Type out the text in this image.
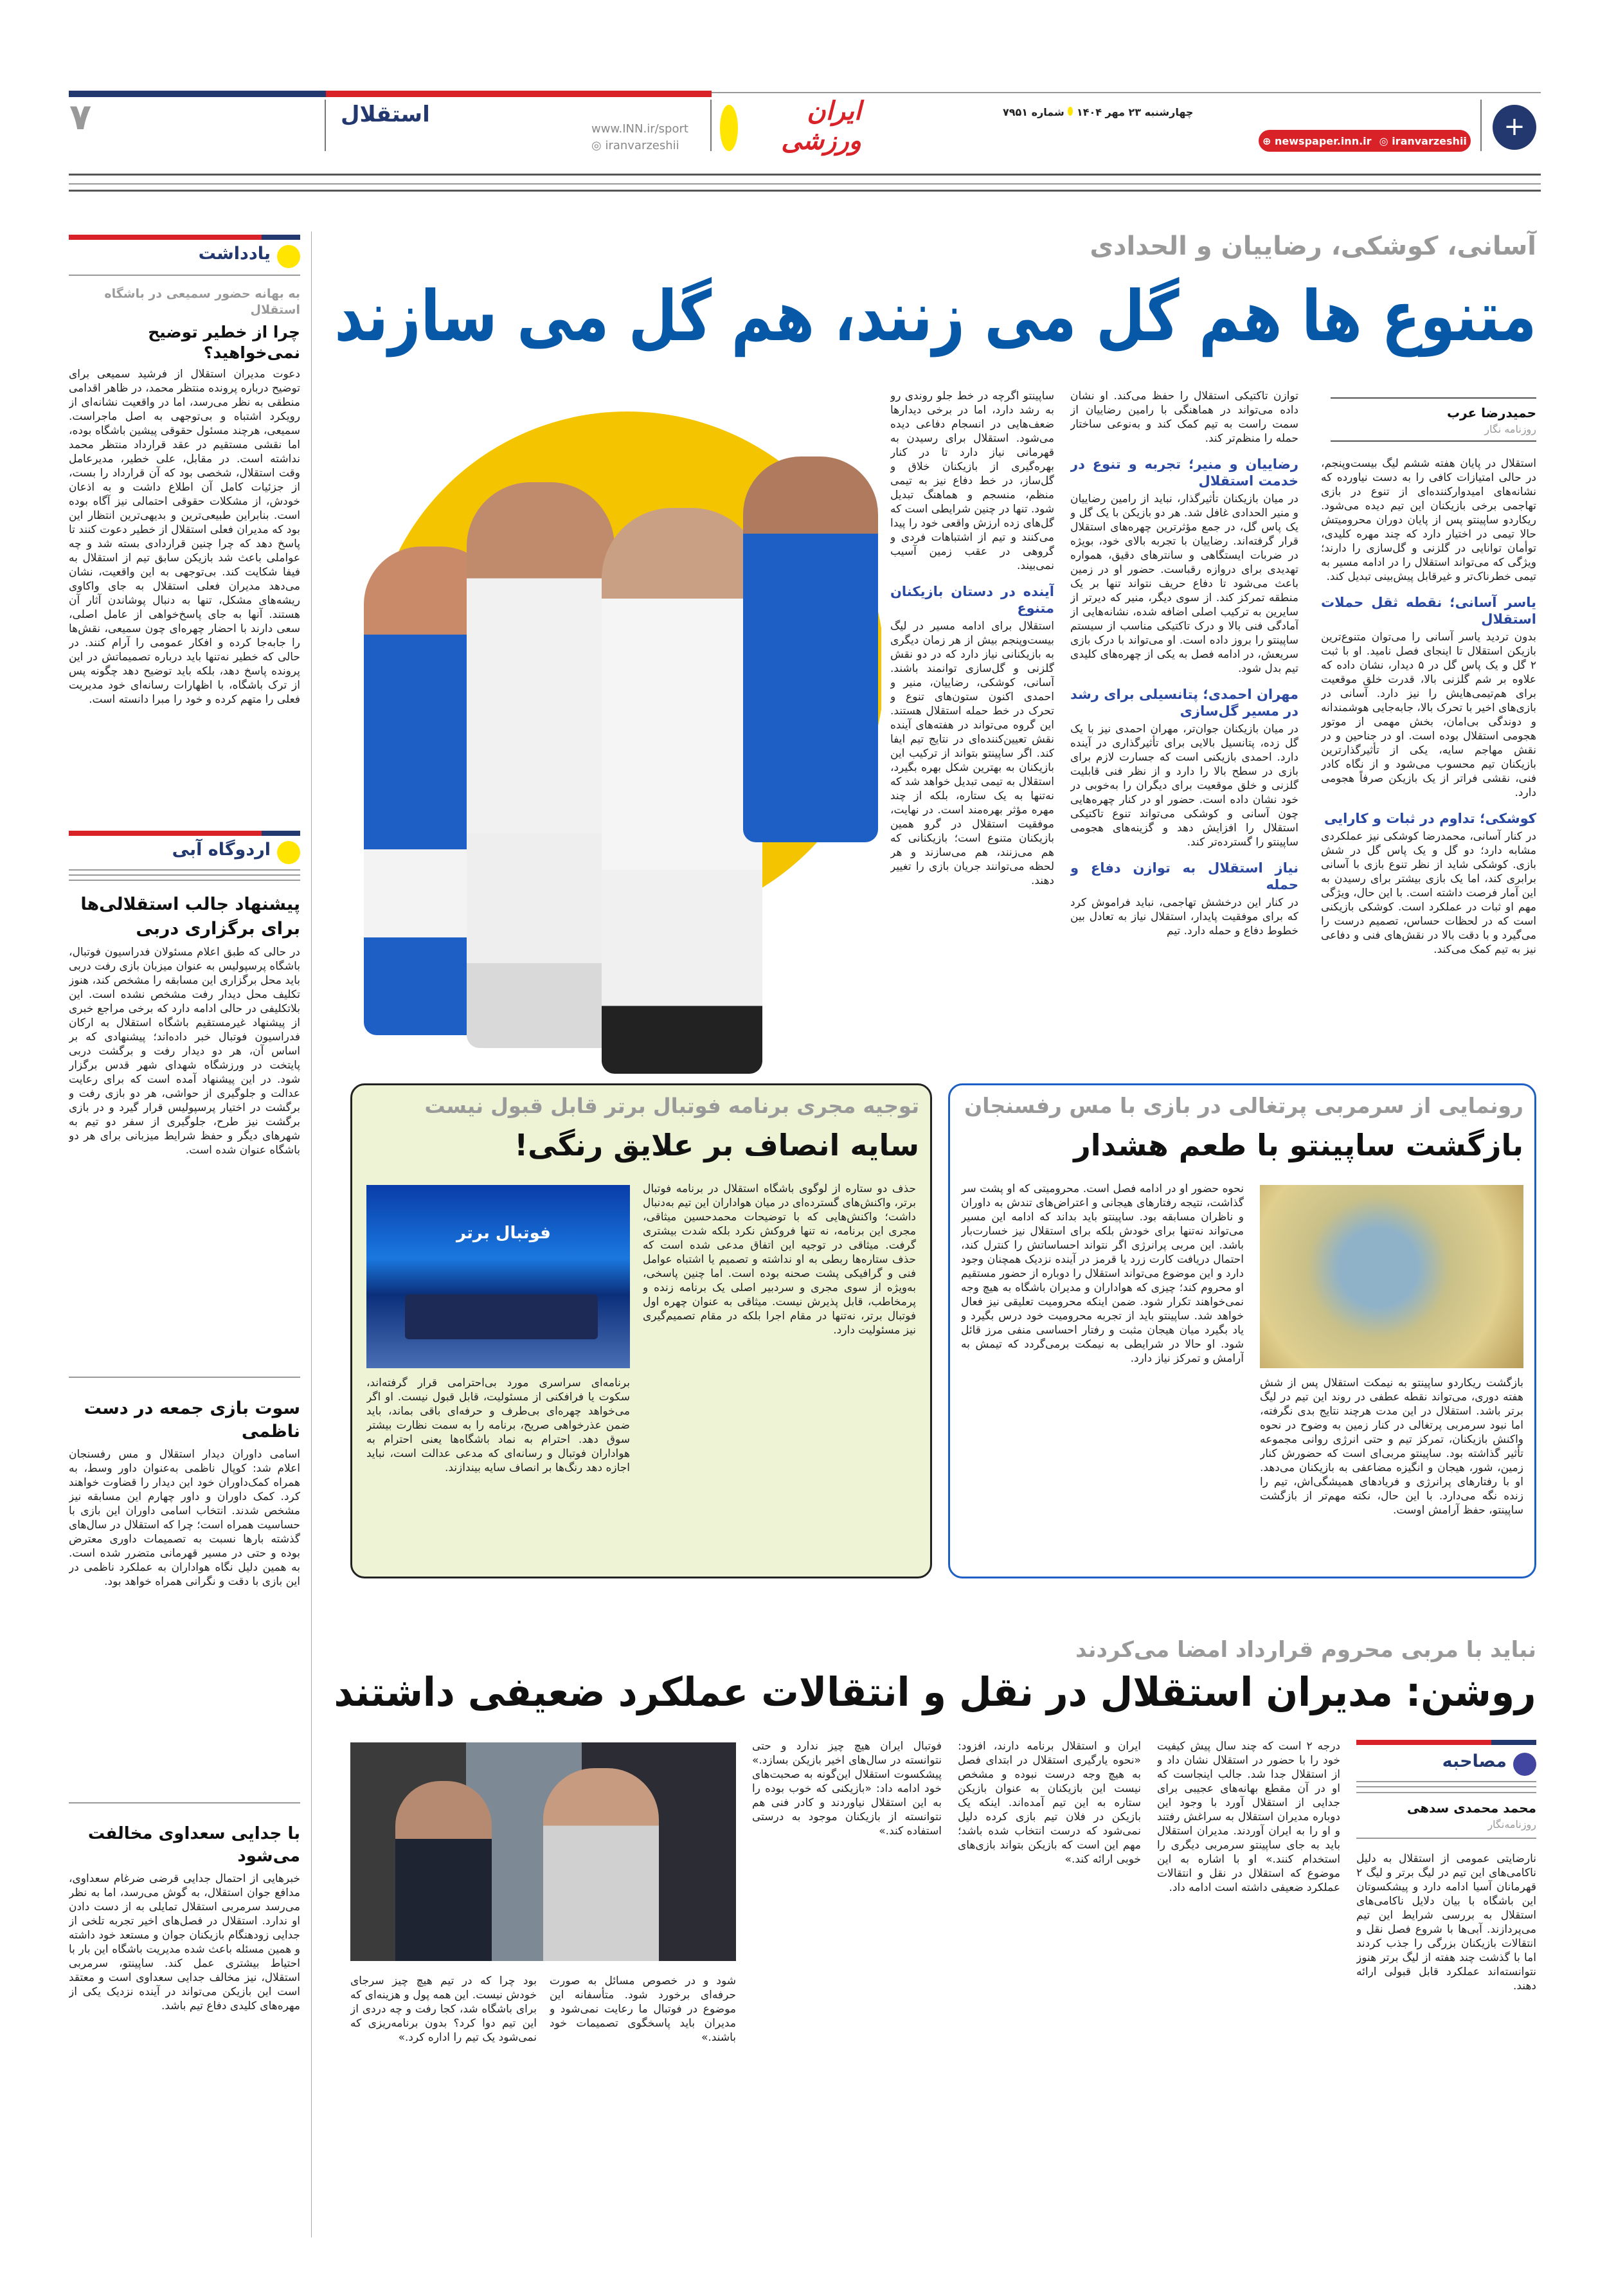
۷	استقلال
www.INN.ir/sport
◎ iranvarzeshii
ایران ورزشی
چهارشنبه ۲۳ مهر ۱۴۰۴  شماره ۷۹۵۱
⊕ newspaper.inn.ir ◎ iranvarzeshii	+
یادداشت
به بهانه حضور سمیعی در باشگاه استقلال
چرا از خطیر توضیح نمی‌خواهید؟
دعوت مدیران استقلال از فرشید سمیعی برای توضیح درباره پرونده منتظر محمد، در ظاهر اقدامی منطقی به نظر می‌رسد، اما در واقعیت نشانه‌ای از رویکرد اشتباه و بی‌توجهی به اصل ماجراست. سمیعی، هرچند مسئول حقوقی پیشین باشگاه بوده، اما نقشی مستقیم در عقد قرارداد منتظر محمد نداشته است. در مقابل، علی خطیر، مدیرعامل وقت استقلال، شخصی بود که آن قرارداد را بست، از جزئیات کامل آن اطلاع داشت و به اذعان خودش، از مشکلات حقوقی احتمالی نیز آگاه بوده است. بنابراین طبیعی‌ترین و بدیهی‌ترین انتظار این بود که مدیران فعلی استقلال از خطیر دعوت کنند تا پاسخ دهد که چرا چنین قراردادی بسته شد و چه عواملی باعث شد بازیکن سابق تیم از استقلال به فیفا شکایت کند. بی‌توجهی به این واقعیت، نشان می‌دهد مدیران فعلی استقلال به جای واکاوی ریشه‌های مشکل، تنها به دنبال پوشاندن آثار آن هستند. آنها به جای پاسخ‌خواهی از عامل اصلی، سعی دارند با احضار چهره‌ای چون سمیعی، نقش‌ها را جابه‌جا کرده و افکار عمومی را آرام کنند. در حالی که خطیر نه‌تنها باید درباره تصمیماتش در این پرونده پاسخ دهد، بلکه باید توضیح دهد چگونه پس از ترک باشگاه، با اظهارات رسانه‌ای خود مدیریت فعلی را متهم کرده و خود را مبرا دانسته است.
اردوگاه آبی
پیشنهاد جالب استقلالی‌ها برای برگزاری دربی
در حالی که طبق اعلام مسئولان فدراسیون فوتبال، باشگاه پرسپولیس به عنوان میزبان بازی رفت دربی باید محل برگزاری این مسابقه را مشخص کند، هنوز تکلیف محل دیدار رفت مشخص نشده است. این بلاتکلیفی در حالی ادامه دارد که برخی مراجع خبری از پیشنهاد غیرمستقیم باشگاه استقلال به ارکان فدراسیون فوتبال خبر داده‌اند؛ پیشنهادی که بر اساس آن، هر دو دیدار رفت و برگشت دربی پایتخت در ورزشگاه شهدای شهر قدس برگزار شود. در این پیشنهاد آمده است که برای رعایت عدالت و جلوگیری از حواشی، هر دو بازی رفت و برگشت در اختیار پرسپولیس قرار گیرد و در بازی برگشت نیز طرح، جلوگیری از سفر دو تیم به شهرهای دیگر و حفظ شرایط میزبانی برای هر دو باشگاه عنوان شده است.
سوت بازی جمعه در دست ناظمی
اسامی داوران دیدار استقلال و مس رفسنجان اعلام شد: کوپال ناظمی به‌عنوان داور وسط، به همراه کمک‌داوران خود این دیدار را قضاوت خواهند کرد. کمک داوران و داور چهارم این مسابقه نیز مشخص شدند. انتخاب اسامی داوران این بازی با حساسیت همراه است؛ چرا که استقلال در سال‌های گذشته بارها نسبت به تصمیمات داوری معترض بوده و حتی در مسیر قهرمانی متضرر شده است. به همین دلیل نگاه هواداران به عملکرد ناظمی در این بازی با دقت و نگرانی همراه خواهد بود.
با جدایی سعداوی مخالفت می‌شود
خبرهایی از احتمال جدایی قرضی ضرغام سعداوی، مدافع جوان استقلال، به گوش می‌رسد، اما به نظر می‌رسد سرمربی استقلال تمایلی به از دست دادن او ندارد. استقلال در فصل‌های اخیر تجربه تلخی از جدایی زودهنگام بازیکنان جوان و مستعد خود داشته و همین مسئله باعث شده مدیریت باشگاه این بار با احتیاط بیشتری عمل کند. ساپینتو، سرمربی استقلال، نیز مخالف جدایی سعداوی است و معتقد است این بازیکن می‌تواند در آینده نزدیک یکی از مهره‌های کلیدی دفاع تیم باشد.
آسانی، کوشکی، رضاییان و الحدادی
متنوع ها هم گل می زنند، هم گل می سازند
حمیدرضا عرب
روزنامه نگار

استقلال در پایان هفته ششم لیگ بیست‌وپنجم، در حالی امتیازات کافی را به دست نیاورده که نشانه‌های امیدوارکننده‌ای از تنوع در بازی تهاجمی برخی بازیکنان این تیم دیده می‌شود. ریکاردو ساپینتو پس از پایان دوران محرومیتش حالا تیمی در اختیار دارد که چند مهره کلیدی، توأمان توانایی در گلزنی و گل‌سازی را دارند؛ ویژگی که می‌تواند استقلال را در ادامه مسیر به تیمی خطرناک‌تر و غیرقابل پیش‌بینی تبدیل کند.

یاسر آسانی؛ نقطه ثقل حملات استقلال

بدون تردید یاسر آسانی را می‌توان متنوع‌ترین بازیکن استقلال تا اینجای فصل نامید. او با ثبت ۲ گل و یک پاس گل در ۵ دیدار، نشان داده که علاوه بر شم گلزنی بالا، قدرت خلق موقعیت برای هم‌تیمی‌هایش را نیز دارد. آسانی در بازی‌های اخیر با تحرک بالا، جابه‌جایی هوشمندانه و دوندگی بی‌امان، بخش مهمی از موتور هجومی استقلال بوده است. او در جناحین و در نقش مهاجم سایه، یکی از تأثیرگذارترین بازیکنان تیم محسوب می‌شود و از نگاه کادر فنی، نقشی فراتر از یک بازیکن صرفاً هجومی دارد.

کوشکی؛ تداوم در ثبات و کارایی

در کنار آسانی، محمدرضا کوشکی نیز عملکردی مشابه دارد؛ دو گل و یک پاس گل در شش بازی. کوشکی شاید از نظر تنوع بازی با آسانی برابری کند، اما یک بازی بیشتر برای رسیدن به این آمار فرصت داشته است. با این حال، ویژگی مهم او ثبات در عملکرد است. کوشکی بازیکنی است که در لحظات حساس، تصمیم درست را می‌گیرد و با دقت بالا در نقش‌های فنی و دفاعی نیز به تیم کمک می‌کند.

توازن تاکتیکی استقلال را حفظ می‌کند. او نشان داده می‌تواند در هماهنگی با رامین رضاییان از سمت راست به تیم کمک کند و به‌نوعی ساختار حمله را منظم‌تر کند.

رضاییان و منیر؛ تجربه و تنوع در خدمت استقلال

در میان بازیکنان تأثیرگذار، نباید از رامین رضاییان و منیر الحدادی غافل شد. هر دو بازیکن با یک گل و یک پاس گل، در جمع مؤثرترین چهره‌های استقلال قرار گرفته‌اند. رضاییان با تجربه بالای خود، بویژه در ضربات ایستگاهی و سانترهای دقیق، همواره تهدیدی برای دروازه رقباست. حضور او در زمین باعث می‌شود تا دفاع حریف نتواند تنها بر یک منطقه تمرکز کند. از سوی دیگر، منیر که دیرتر از سایرین به ترکیب اصلی اضافه شده، نشانه‌هایی از آمادگی فنی بالا و درک تاکتیکی مناسب از سیستم ساپینتو را بروز داده است. او می‌تواند با درک بازی سریعش، در ادامه فصل به یکی از چهره‌های کلیدی تیم بدل شود.

مهران احمدی؛ پتانسیلی برای رشد در مسیر گل‌سازی

در میان بازیکنان جوان‌تر، مهران احمدی نیز با یک گل زده، پتانسیل بالایی برای تأثیرگذاری در آینده دارد. احمدی بازیکنی است که جسارت لازم برای بازی در سطح بالا را دارد و از نظر فنی قابلیت گلزنی و خلق موقعیت برای دیگران را به‌خوبی در خود نشان داده است. حضور او در کنار چهره‌هایی چون آسانی و کوشکی می‌تواند تنوع تاکتیکی استقلال را افزایش دهد و گزینه‌های هجومی ساپینتو را گسترده‌تر کند.

نیاز استقلال به توازن دفاع و حمله

در کنار این درخشش تهاجمی، نباید فراموش کرد که برای موفقیت پایدار، استقلال نیاز به تعادل بین خطوط دفاع و حمله دارد. تیم

ساپینتو اگرچه در خط جلو روندی رو به رشد دارد، اما در برخی دیدارها ضعف‌هایی در انسجام دفاعی دیده می‌شود. استقلال برای رسیدن به قهرمانی نیاز دارد تا در کنار بهره‌گیری از بازیکنان خلاق و گل‌ساز، در خط دفاع نیز به تیمی منظم، منسجم و هماهنگ تبدیل شود. تنها در چنین شرایطی است که گل‌های زده ارزش واقعی خود را پیدا می‌کنند و تیم از اشتباهات فردی و گروهی در عقب زمین آسیب نمی‌بیند.

آینده در دستان بازیکنان متنوع

استقلال برای ادامه مسیر در لیگ بیست‌وپنجم بیش از هر زمان دیگری به بازیکنانی نیاز دارد که در دو نقش گلزنی و گل‌سازی توانمند باشند. آسانی، کوشکی، رضاییان، منیر و احمدی اکنون ستون‌های تنوع و تحرک در خط حمله استقلال هستند. این گروه می‌تواند در هفته‌های آینده نقش تعیین‌کننده‌ای در نتایج تیم ایفا کند. اگر ساپینتو بتواند از ترکیب این بازیکنان به بهترین شکل بهره بگیرد، استقلال به تیمی تبدیل خواهد شد که نه‌تنها به یک ستاره، بلکه از چند مهره مؤثر بهره‌مند است. در نهایت، موفقیت استقلال در گرو همین بازیکنان متنوع است؛ بازیکنانی که هم می‌زنند، هم می‌سازند و هر لحظه می‌توانند جریان بازی را تغییر دهند.

رونمایی از سرمربی پرتغالی در بازی با مس رفسنجان
بازگشت ساپینتو با طعم هشدار
نحوه حضور او در ادامه فصل است. محرومیتی که او پشت سر گذاشت، نتیجه رفتارهای هیجانی و اعتراض‌های تندش به داوران و ناظران مسابقه بود. ساپینتو باید بداند که ادامه این مسیر می‌تواند نه‌تنها برای خودش بلکه برای استقلال نیز خسارت‌بار باشد. این مربی پرانرژی اگر نتواند احساساتش را کنترل کند، احتمال دریافت کارت زرد یا قرمز در آینده نزدیک همچنان وجود دارد و این موضوع می‌تواند استقلال را دوباره از حضور مستقیم او محروم کند؛ چیزی که هواداران و مدیران باشگاه به هیچ وجه نمی‌خواهند تکرار شود. ضمن اینکه محرومیت تعلیقی نیز فعال خواهد شد. ساپینتو باید از تجربه محرومیت خود درس بگیرد و یاد بگیرد میان هیجان مثبت و رفتار احساسی منفی مرز قائل شود. او حالا در شرایطی به نیمکت برمی‌گردد که تیمش به آرامش و تمرکز نیاز دارد.
بازگشت ریکاردو ساپینتو به نیمکت استقلال پس از شش هفته دوری، می‌تواند نقطه عطفی در روند این تیم در لیگ برتر باشد. استقلال در این مدت هرچند نتایج بدی نگرفته، اما نبود سرمربی پرتغالی در کنار زمین به وضوح در نحوه واکنش بازیکنان، تمرکز تیم و حتی انرژی روانی مجموعه تأثیر گذاشته بود. ساپینتو مربی‌ای است که حضورش کنار زمین، شور، هیجان و انگیزه مضاعفی به بازیکنان می‌دهد. او با رفتارهای پرانرژی و فریادهای همیشگی‌اش، تیم را زنده نگه می‌دارد. با این حال، نکته مهم‌تر از بازگشت ساپینتو، حفظ آرامش اوست.
توجیه مجری برنامه فوتبال برتر قابل قبول نیست
سایه انصاف بر علایق رنگی!
حذف دو ستاره از لوگوی باشگاه استقلال در برنامه فوتبال برتر، واکنش‌های گسترده‌ای در میان هواداران این تیم به‌دنبال داشت؛ واکنش‌هایی که با توضیحات محمدحسین میثاقی، مجری این برنامه، نه تنها فروکش نکرد بلکه شدت بیشتری گرفت. میثاقی در توجیه این اتفاق مدعی شده است که حذف ستاره‌ها ربطی به او نداشته و تصمیم یا اشتباه عوامل فنی و گرافیکی پشت صحنه بوده است. اما چنین پاسخی، به‌ویژه از سوی مجری و سردبیر اصلی یک برنامه زنده و پرمخاطب، قابل پذیرش نیست. میثاقی به عنوان چهره اول فوتبال برتر، نه‌تنها در مقام اجرا بلکه در مقام تصمیم‌گیری نیز مسئولیت دارد.
فوتبال برتر
برنامه‌ای سراسری مورد بی‌احترامی قرار گرفته‌اند، سکوت یا فرافکنی از مسئولیت، قابل قبول نیست. او اگر می‌خواهد چهره‌ای بی‌طرف و حرفه‌ای باقی بماند، باید ضمن عذرخواهی صریح، برنامه را به سمت نظارت بیشتر سوق دهد. احترام به نماد باشگاه‌ها یعنی احترام به هواداران فوتبال و رسانه‌ای که مدعی عدالت است، نباید اجازه دهد رنگ‌ها بر انصاف سایه بیندازند.
نباید با مربی محروم قرارداد امضا می‌کردند
روشن: مدیران استقلال در نقل و انتقالات عملکرد ضعیفی داشتند
مصاحبه
محمد محمدی سدهی
روزنامه‌نگار
نارضایتی عمومی از استقلال به دلیل ناکامی‌های این تیم در لیگ برتر و لیگ ۲ قهرمانان آسیا ادامه دارد و پیشکسوتان این باشگاه با بیان دلایل ناکامی‌های استقلال به بررسی شرایط این تیم می‌پردازند. آبی‌ها با شروع فصل نقل و انتقالات بازیکنان بزرگی را جذب کردند اما با گذشت چند هفته از لیگ برتر هنوز نتوانسته‌اند عملکرد قابل قبولی ارائه دهند.
درجه ۲ است که چند سال پیش کیفیت خود را با حضور در استقلال نشان داد و از استقلال جدا شد. جالب اینجاست که او در آن مقطع بهانه‌های عجیبی برای جدایی از استقلال آورد با وجود این دوباره مدیران استقلال به سراغش رفتند و او را به ایران آوردند. مدیران استقلال باید به جای ساپینتو سرمربی دیگری را استخدام کنند.» او با اشاره به این موضوع که استقلال در نقل و انتقالات عملکرد ضعیفی داشته است ادامه داد.
ایران و استقلال برنامه دارند، افزود: «نحوه یارگیری استقلال در ابتدای فصل به هیچ وجه درست نبوده و مشخص نیست این بازیکنان به عنوان بازیکن ستاره به این تیم آمده‌اند. اینکه یک بازیکن در فلان تیم بازی کرده دلیل نمی‌شود که درست انتخاب شده باشد؛ مهم این است که بازیکن بتواند بازی‌های خوبی ارائه کند.»
فوتبال ایران هیچ چیز ندارد و حتی نتوانسته در سال‌های اخیر بازیکن بسازد.» پیشکسوت استقلال این‌گونه به صحبت‌های خود ادامه داد: «بازیکنی که خوب بوده را به این استقلال نیاوردند و کادر فنی هم نتوانسته از بازیکنان موجود به درستی استفاده کند.»
شود و در خصوص مسائل به صورت حرفه‌ای برخورد شود. متأسفانه این موضوع در فوتبال ما رعایت نمی‌شود و مدیران باید پاسخگوی تصمیمات خود باشند.»
بود چرا که در تیم هیچ چیز سرجای خودش نیست. این همه پول و هزینه‌ای که برای باشگاه شد، کجا رفت و چه دردی از این تیم دوا کرد؟ بدون برنامه‌ریزی که نمی‌شود یک تیم را اداره کرد.»
